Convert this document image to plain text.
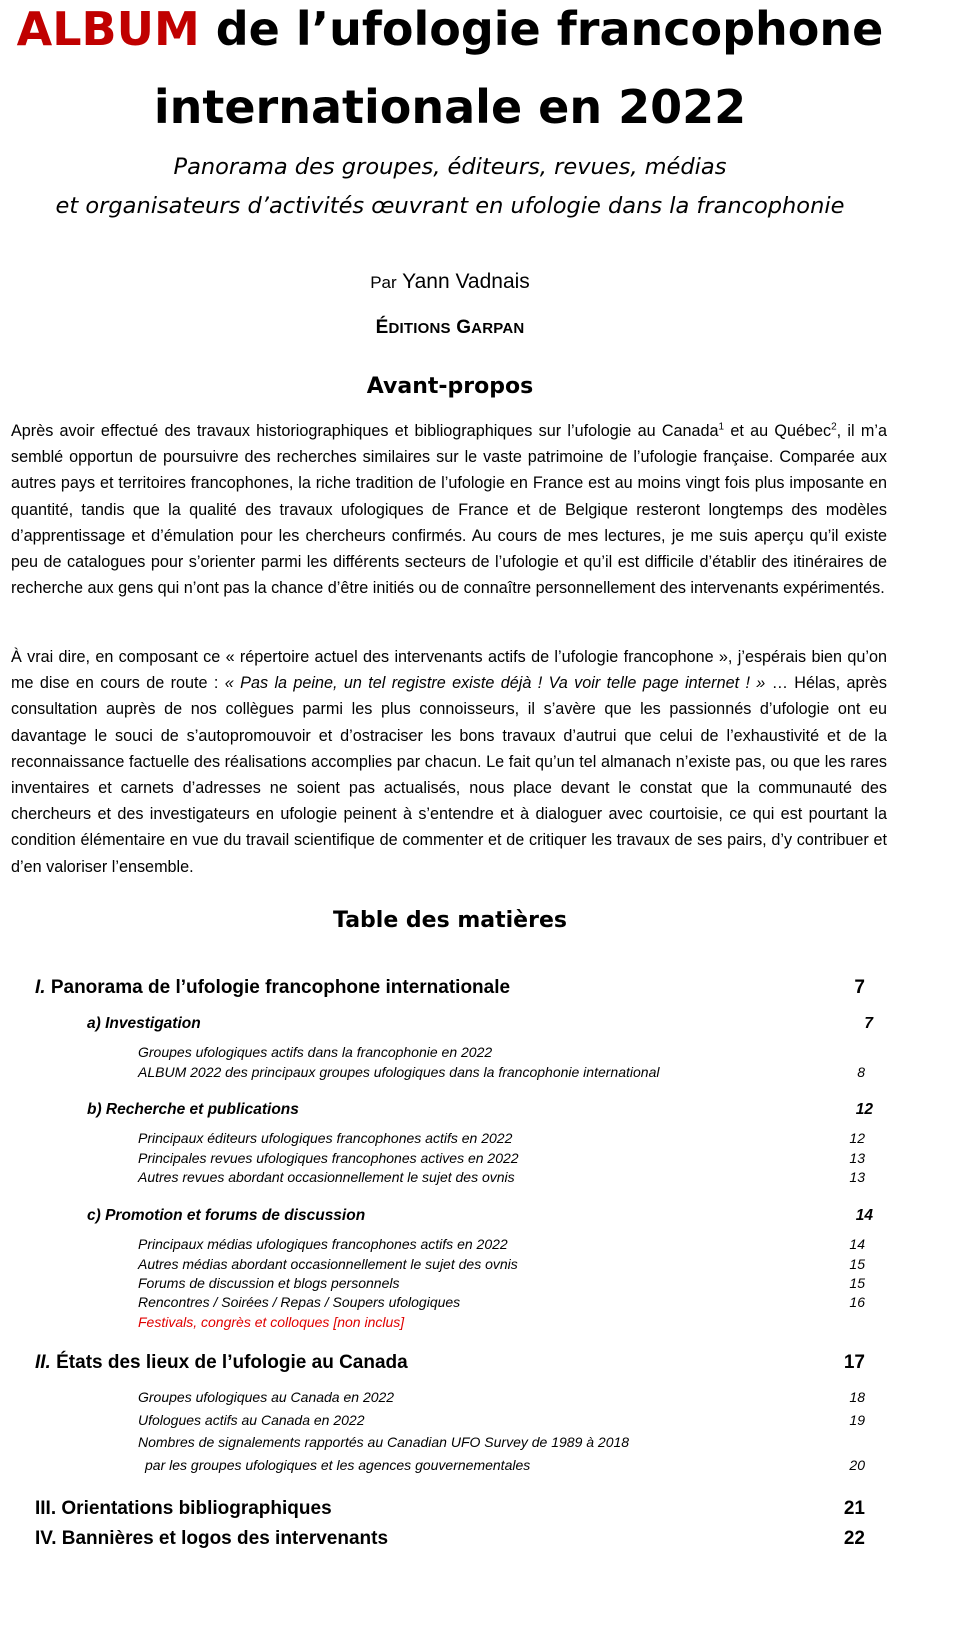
ALBUM de l’ufologie francophone
internationale en 2022

Panorama des groupes, éditeurs, revues, médias

et organisateurs d’activités œuvrant en ufologie dans la francophonie

Par Yann Vadnais
ÉDITIONS GARPAN
Avant-propos

Après avoir effectué des travaux historiographiques et bibliographiques sur l’ufologie au Canada$^1$ et au Québec$^2$, il m’a semblé opportun de poursuivre des recherches similaires sur le vaste patrimoine de l’ufologie française. Comparée aux autres pays et territoires francophones, la riche tradition de l’ufologie en France est au moins vingt fois plus imposante en quantité, tandis que la qualité des travaux ufologiques de France et de Belgique resteront longtemps des modèles d’apprentissage et d’émulation pour les chercheurs confirmés. Au cours de mes lectures, je me suis aperçu qu’il existe peu de catalogues pour s’orienter parmi les différents secteurs de l’ufologie et qu’il est difficile d’établir des itinéraires de recherche aux gens qui n’ont pas la chance d’être initiés ou de connaître personnellement des intervenants expérimentés.

À vrai dire, en composant ce « répertoire actuel des intervenants actifs de l’ufologie francophone », j’espérais bien qu’on me dise en cours de route : « Pas la peine, un tel registre existe déjà ! Va voir telle page internet ! » … Hélas, après consultation auprès de nos collègues parmi les plus connoisseurs, il s’avère que les passionnés d’ufologie ont eu davantage le souci de s’autopromouvoir et d’ostraciser les bons travaux d’autrui que celui de l’exhaustivité et de la reconnaissance factuelle des réalisations accomplies par chacun. Le fait qu’un tel almanach n’existe pas, ou que les rares inventaires et carnets d’adresses ne soient pas actualisés, nous place devant le constat que la communauté des chercheurs et des investigateurs en ufologie peinent à s’entendre et à dialoguer avec courtoisie, ce qui est pourtant la condition élémentaire en vue du travail scientifique de commenter et de critiquer les travaux de ses pairs, d’y contribuer et d’en valoriser l’ensemble.

Table des matières
I. Panorama de l’ufologie francophone internationale	7
a) Investigation	7
Groupes ufologiques actifs dans la francophonie en 2022
ALBUM 2022 des principaux groupes ufologiques dans la francophonie international	8
b) Recherche et publications	12
Principaux éditeurs ufologiques francophones actifs en 2022	12
Principales revues ufologiques francophones actives en 2022	13
Autres revues abordant occasionnellement le sujet des ovnis	13
c) Promotion et forums de discussion	14
Principaux médias ufologiques francophones actifs en 2022	14
Autres médias abordant occasionnellement le sujet des ovnis	15
Forums de discussion et blogs personnels	15
Rencontres / Soirées / Repas / Soupers ufologiques	16
Festivals, congrès et colloques [non inclus]
II. États des lieux de l’ufologie au Canada	17
Groupes ufologiques au Canada en 2022	18
Ufologues actifs au Canada en 2022	19
Nombres de signalements rapportés au Canadian UFO Survey de 1989 à 2018
par les groupes ufologiques et les agences gouvernementales	20
III. Orientations bibliographiques	21
IV. Bannières et logos des intervenants	22
